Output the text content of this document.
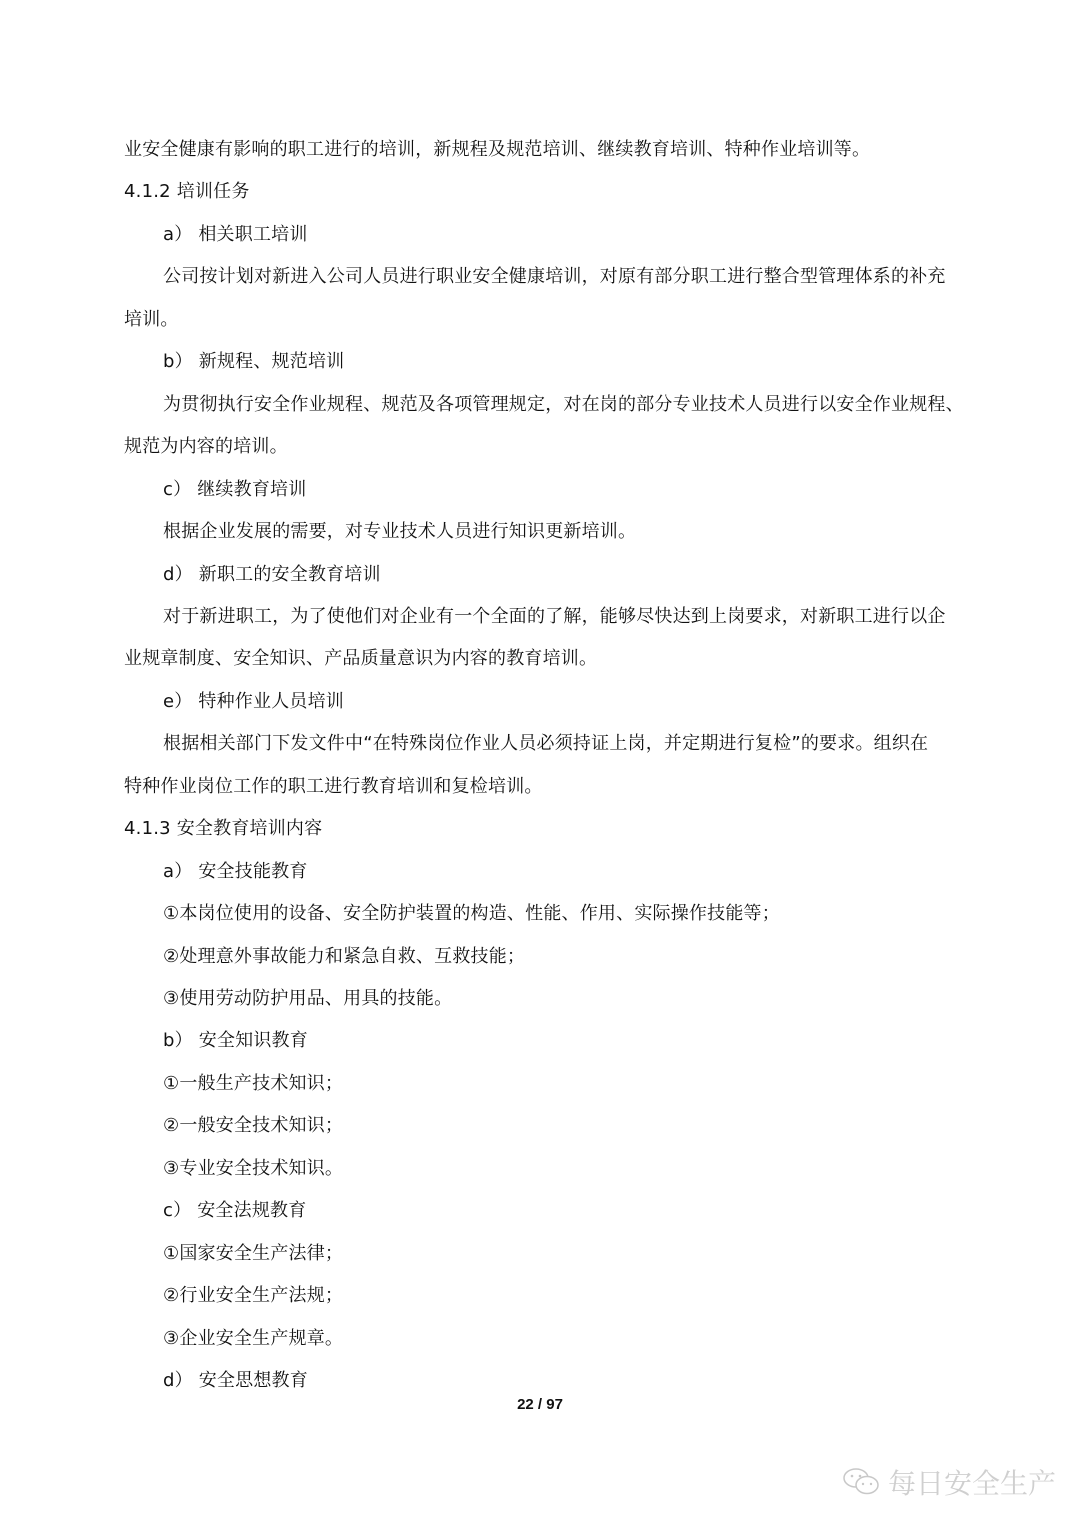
业安全健康有影响的职工进行的培训，新规程及规范培训、继续教育培训、特种作业培训等。
4.1.2 培训任务
a） 相关职工培训
公司按计划对新进入公司人员进行职业安全健康培训，对原有部分职工进行整合型管理体系的补充
培训。
b） 新规程、规范培训
为贯彻执行安全作业规程、规范及各项管理规定，对在岗的部分专业技术人员进行以安全作业规程、
规范为内容的培训。
c） 继续教育培训
根据企业发展的需要，对专业技术人员进行知识更新培训。
d） 新职工的安全教育培训
对于新进职工，为了使他们对企业有一个全面的了解，能够尽快达到上岗要求，对新职工进行以企
业规章制度、安全知识、产品质量意识为内容的教育培训。
e） 特种作业人员培训
根据相关部门下发文件中“在特殊岗位作业人员必须持证上岗，并定期进行复检”的要求。组织在
特种作业岗位工作的职工进行教育培训和复检培训。
4.1.3 安全教育培训内容
a） 安全技能教育
①本岗位使用的设备、安全防护装置的构造、性能、作用、实际操作技能等；
②处理意外事故能力和紧急自救、互救技能；
③使用劳动防护用品、用具的技能。
b） 安全知识教育
①一般生产技术知识；
②一般安全技术知识；
③专业安全技术知识。
c） 安全法规教育
①国家安全生产法律；
②行业安全生产法规；
③企业安全生产规章。
d） 安全思想教育
22 / 97
每日安全生产
